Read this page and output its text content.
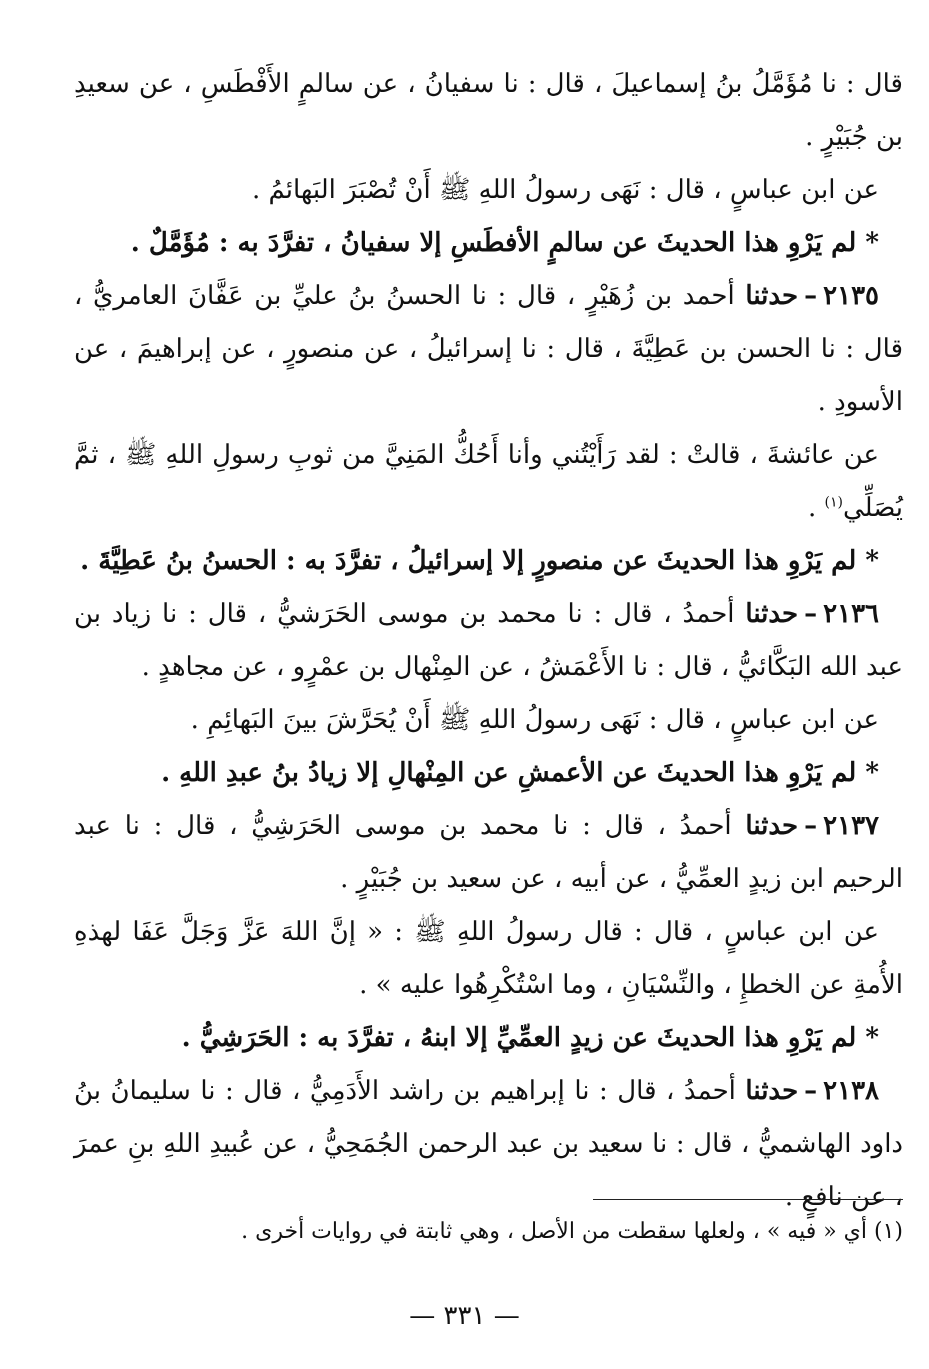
قال : نا مُؤَمَّلُ بنُ إسماعيلَ ، قال : نا سفيانُ ، عن سالمٍ الأَفْطَسِ ، عن سعيدِ بن جُبَيْرٍ .

عن ابن عباسٍ ، قال : نَهَى رسولُ اللهِ ﷺ أَنْ تُصْبَرَ البَهائمُ .

* لم يَرْوِ هذا الحديثَ عن سالمٍ الأفطَسِ إلا سفيانُ ، تفرَّدَ به : مُؤَمَّلٌ .

٢١٣٥–حدثنا أحمد بن زُهَيْرٍ ، قال : نا الحسنُ بنُ عليِّ بن عَفَّانَ العامريُّ ، قال : نا الحسن بن عَطِيَّةَ ، قال : نا إسرائيلُ ، عن منصورٍ ، عن إبراهيمَ ، عن الأسودِ .

عن عائشةَ ، قالتْ : لقد رَأَيْتُني وأنا أَحُكُّ المَنِيَّ من ثوبِ رسولِ اللهِ ﷺ ، ثمَّ يُصَلِّي$^{(١)}$ .

* لم يَرْوِ هذا الحديثَ عن منصورٍ إلا إسرائيلُ ، تفرَّدَ به : الحسنُ بنُ عَطِيَّةَ .

٢١٣٦–حدثنا أحمدُ ، قال : نا محمد بن موسى الحَرَشيُّ ، قال : نا زياد بن عبد الله البَكَّائيُّ ، قال : نا الأَعْمَشُ ، عن المِنْهال بن عمْرٍو ، عن مجاهدٍ .

عن ابن عباسٍ ، قال : نَهَى رسولُ اللهِ ﷺ أَنْ يُحَرَّشَ بينَ البَهائِمِ .

* لم يَرْوِ هذا الحديثَ عن الأعمشِ عن المِنْهالِ إلا زيادُ بنُ عبدِ اللهِ .

٢١٣٧–حدثنا أحمدُ ، قال : نا محمد بن موسى الحَرَشِيُّ ، قال : نا عبد الرحيم ابن زيدٍ العمِّيُّ ، عن أبيه ، عن سعيد بن جُبَيْرٍ .

عن ابن عباسٍ ، قال : قال رسولُ اللهِ ﷺ : « إنَّ اللهَ عَزَّ وَجَلَّ عَفَا لهذهِ الأُمةِ عن الخطإِ ، والنِّسْيَانِ ، وما اسْتُكْرِهُوا عليه » .

* لم يَرْوِ هذا الحديثَ عن زيدٍ العمِّيِّ إلا ابنهُ ، تفرَّدَ به : الحَرَشِيُّ .

٢١٣٨–حدثنا أحمدُ ، قال : نا إبراهيم بن راشد الأَدَمِيُّ ، قال : نا سليمانُ بنُ داود الهاشميُّ ، قال : نا سعيد بن عبد الرحمن الجُمَحِيُّ ، عن عُبيدِ اللهِ بنِ عمرَ ، عن نافعٍ .

(١) أي « فيه » ، ولعلها سقطت من الأصل ، وهي ثابتة في روايات أخرى .

— ٣٣١ —
